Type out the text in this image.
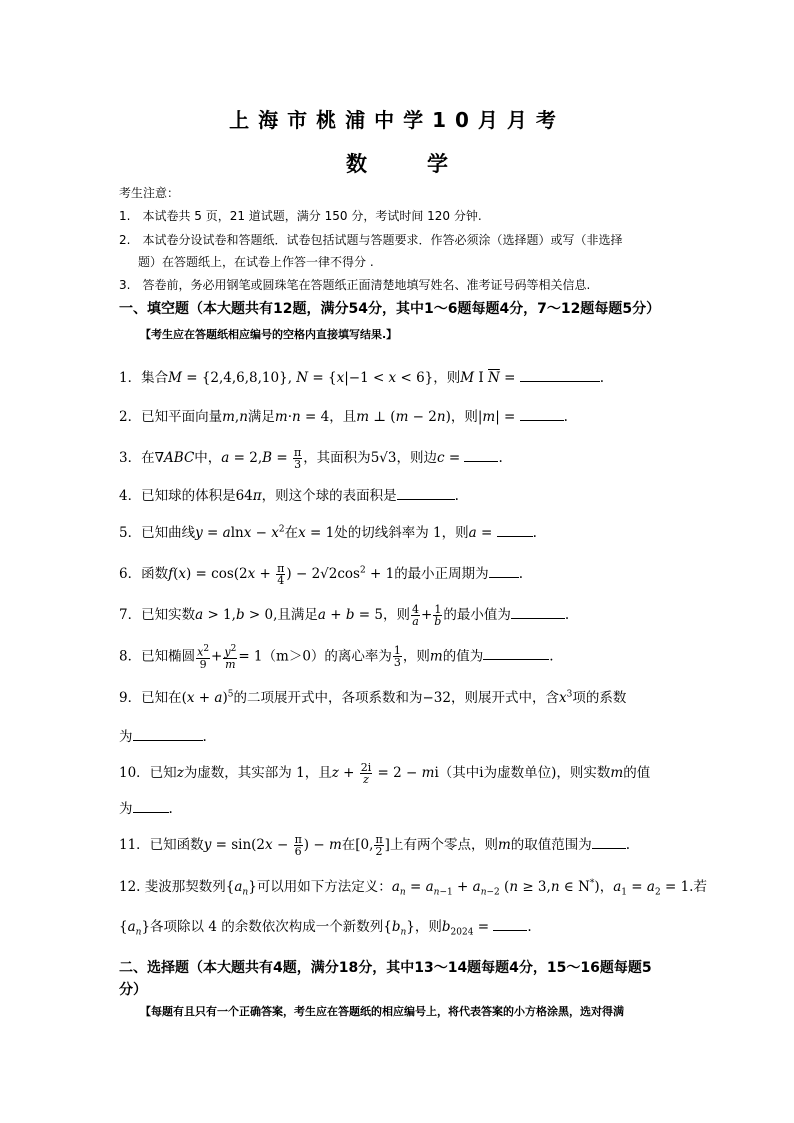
上海市桃浦中学10月月考
数学
考生注意：
1.　本试卷共 5 页，21 道试题，满分 150 分，考试时间 120 分钟.
2.　本试卷分设试卷和答题纸．试卷包括试题与答题要求．作答必须涂（选择题）或写（非选择
题）在答题纸上，在试卷上作答一律不得分 .
3.　答卷前，务必用钢笔或圆珠笔在答题纸正面清楚地填写姓名、准考证号码等相关信息.
一、填空题（本大题共有12题，满分54分，其中1～6题每题4分，7～12题每题5分）
【考生应在答题纸相应编号的空格内直接填写结果.】
1．集合M = {2,4,6,8,10}, N = {x|−1 < x < 6}，则M I $\overline{N}$ =	.
2．已知平面向量m,n满足m·n = 4，且m ⊥ (m − 2n)，则|m| =	.
3．在∇ABC中，$a = 2,B = \frac{\pi}{3}$ ，其面积为5√3，则边c =	.
4．已知球的体积是64π，则这个球的表面积是	.
5．已知曲线$y = alnx - x^2$在x = 1处的切线斜率为 1，则a =	.
6．函数$f(x) = \cos(2x + \frac{\pi}{4}$ ) − $2√2\cos^2 + 1$的最小正周期为 .
7．已知实数a > 1,b > 0,且满足a + b = 5，则 $\frac{4}{a} + \frac{1}{b}$ 的最小值为	.
8．已知椭圆 $\frac{x^2}{9} + \frac{y^2}{m} = 1(m>0)$的离心率为 $\frac{1}{3}$ ，则m的值为	.
9．已知在$(x + a)^5$的二项展开式中，各项系数和为−32，则展开式中，含$x^3$项的系数
为	.
10．已知z为虚数，其实部为 1，且$z + \frac{2i}{z} = 2 - mi$（其中i为虚数单位)，则实数m的值
为	.
11．已知函数$y = \sin(2x - \frac{\pi}{6}$ ) − m在[0, $\frac{\pi}{2}$ ]上有两个零点，则m的取值范围为	.
12. 斐波那契数列$\{a_n\}$可以用如下方法定义：$a_n = a_{n-1} + a_{n-2}$ (n ≥ 3,n ∈ N*)，$a_1 = a_2 = 1$.若
$\{a_n\}$各项除以 4 的余数依次构成一个新数列$\{b_n\}$，则$b_{2024}$ =	.
二、选择题（本大题共有4题，满分18分，其中13～14题每题4分，15～16题每题5
分）
【每题有且只有一个正确答案，考生应在答题纸的相应编号上，将代表答案的小方格涂黑，选对得满
